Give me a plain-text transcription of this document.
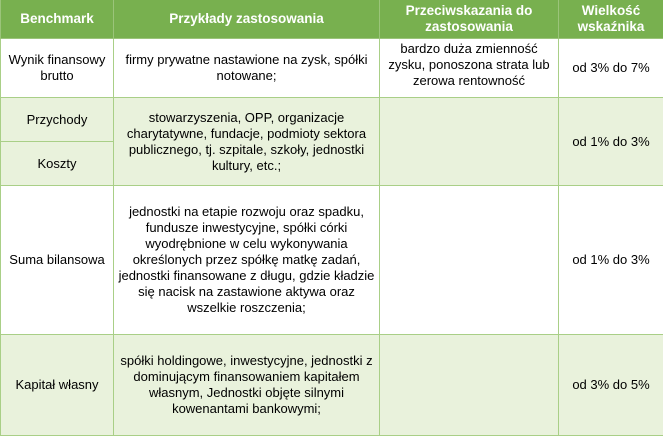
Benchmark	Przykłady zastosowania	Przeciwskazania do zastosowania	Wielkość wskaźnika

Wynik finansowy brutto	firmy prywatne nastawione na zysk, spółki notowane;	bardzo duża zmienność zysku, ponoszona strata lub zerowa rentowność	od 3% do 7%

Przychody	stowarzyszenia, OPP, organizacje charytatywne, fundacje, podmioty sektora publicznego, tj. szpitale, szkoły, jednostki kultury, etc.;		od 1% do 3%

Koszty			

Suma bilansowa	jednostki na etapie rozwoju oraz spadku, fundusze inwestycyjne, spółki córki wyodrębnione w celu wykonywania określonych przez spółkę matkę zadań, jednostki finansowane z długu, gdzie kładzie się nacisk na zastawione aktywa oraz wszelkie roszczenia;		od 1% do 3%

Kapitał własny	spółki holdingowe, inwestycyjne, jednostki z dominującym finansowaniem kapitałem własnym, Jednostki objęte silnymi kowenantami bankowymi;		od 3% do 5%
